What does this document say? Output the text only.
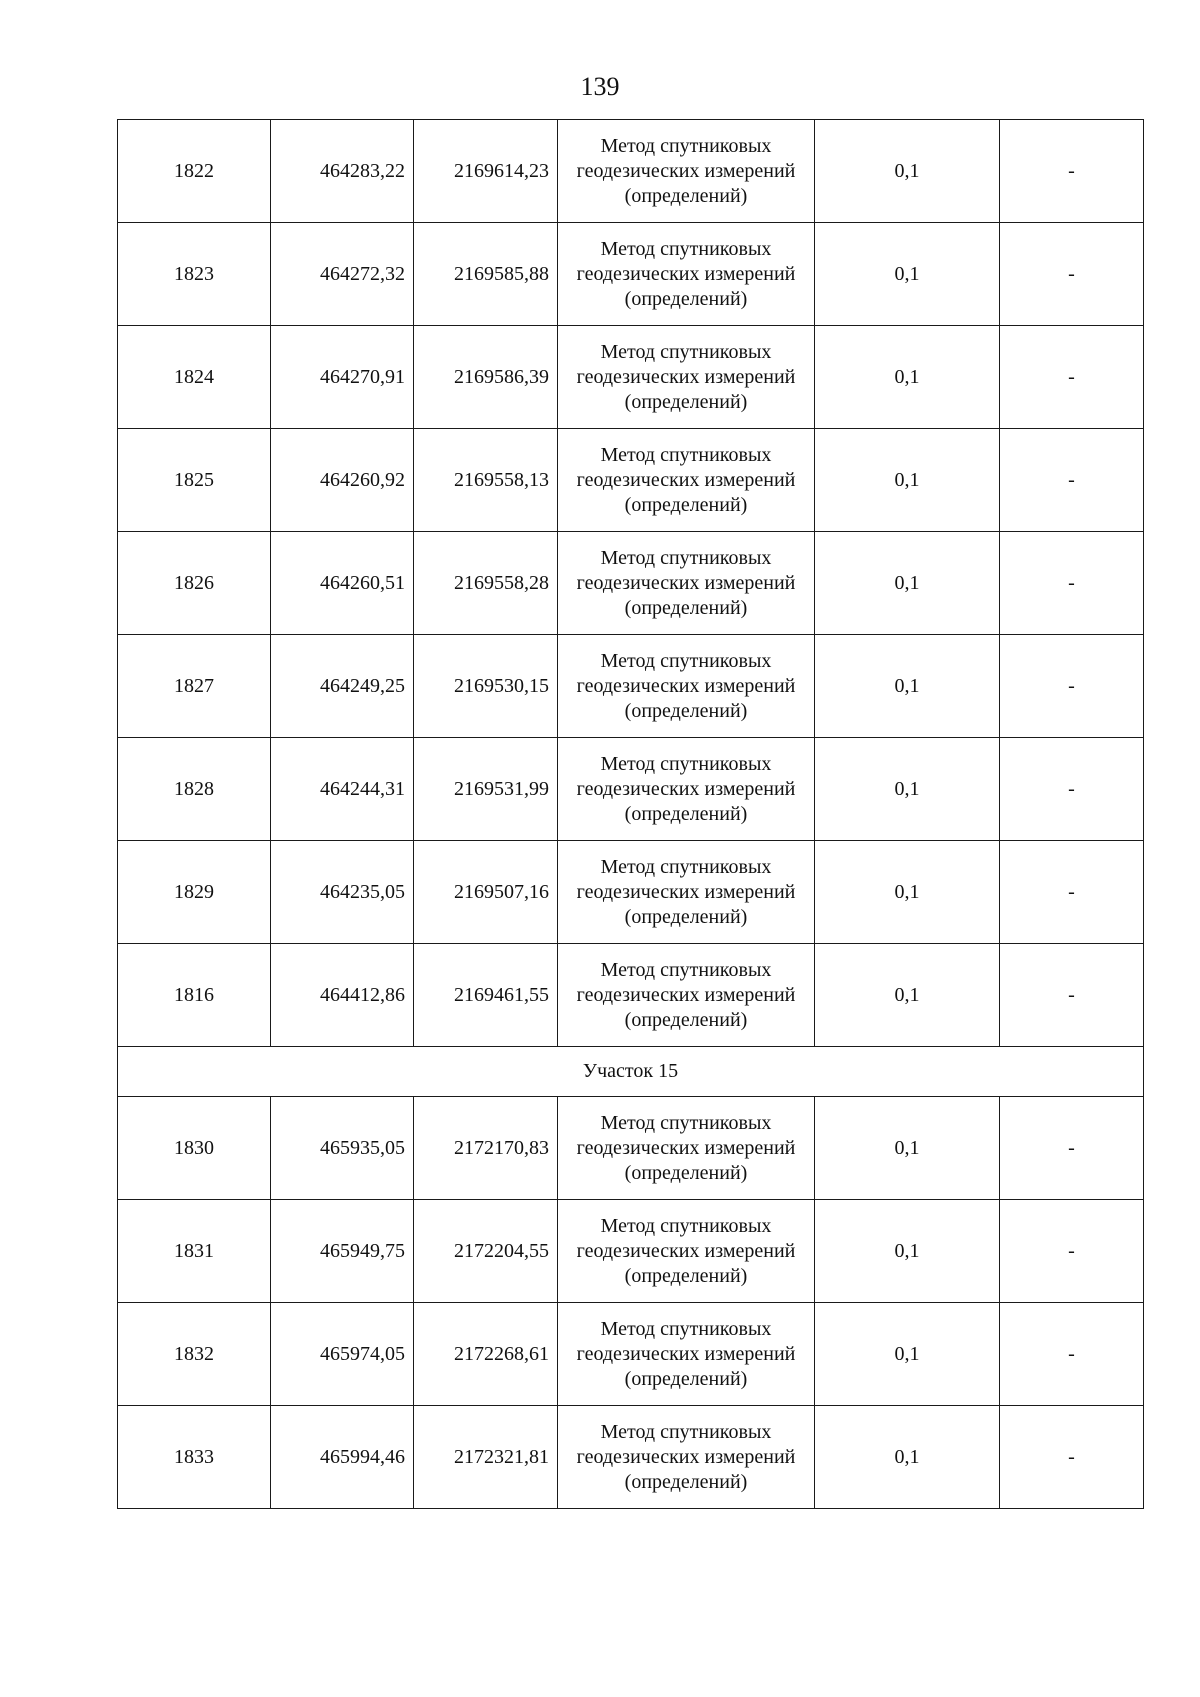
139
1822	464283,22	2169614,23	Метод спутниковых
геодезических измерений
(определений)	0,1	-
1823	464272,32	2169585,88	Метод спутниковых
геодезических измерений
(определений)	0,1	-
1824	464270,91	2169586,39	Метод спутниковых
геодезических измерений
(определений)	0,1	-
1825	464260,92	2169558,13	Метод спутниковых
геодезических измерений
(определений)	0,1	-
1826	464260,51	2169558,28	Метод спутниковых
геодезических измерений
(определений)	0,1	-
1827	464249,25	2169530,15	Метод спутниковых
геодезических измерений
(определений)	0,1	-
1828	464244,31	2169531,99	Метод спутниковых
геодезических измерений
(определений)	0,1	-
1829	464235,05	2169507,16	Метод спутниковых
геодезических измерений
(определений)	0,1	-
1816	464412,86	2169461,55	Метод спутниковых
геодезических измерений
(определений)	0,1	-
Участок 15					
1830	465935,05	2172170,83	Метод спутниковых
геодезических измерений
(определений)	0,1	-
1831	465949,75	2172204,55	Метод спутниковых
геодезических измерений
(определений)	0,1	-
1832	465974,05	2172268,61	Метод спутниковых
геодезических измерений
(определений)	0,1	-
1833	465994,46	2172321,81	Метод спутниковых
геодезических измерений
(определений)	0,1	-
